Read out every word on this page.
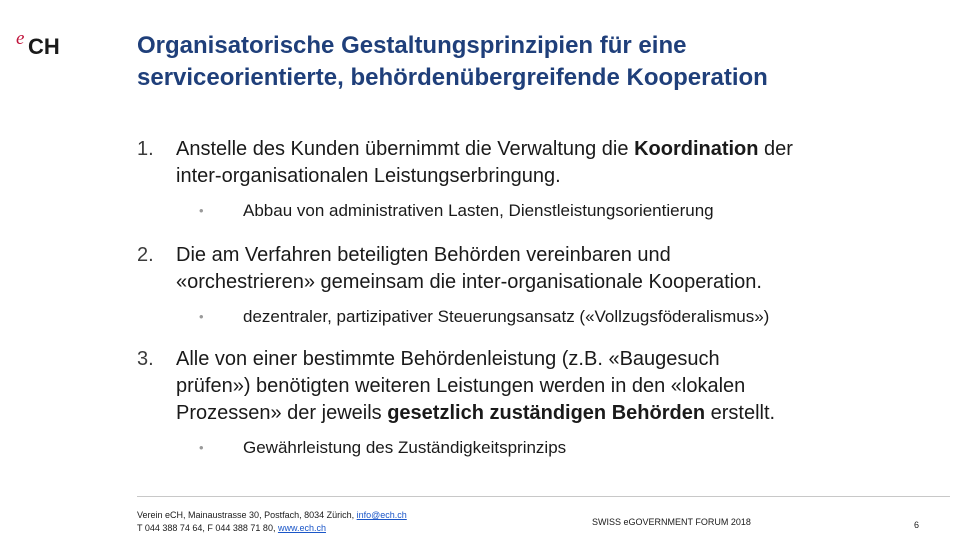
e CH	Organisatorische Gestaltungsprinzipien für eine
serviceorientierte, behördenübergreifende Kooperation
1. Anstelle des Kunden übernimmt die Verwaltung die Koordination der
inter-organisationalen Leistungserbringung.
• Abbau von administrativen Lasten, Dienstleistungsorientierung
2. Die am Verfahren beteiligten Behörden vereinbaren und
«orchestrieren» gemeinsam die inter-organisationale Kooperation.
• dezentraler, partizipativer Steuerungsansatz («Vollzugsföderalismus»)
3. Alle von einer bestimmte Behördenleistung (z.B. «Baugesuch
prüfen») benötigten weiteren Leistungen werden in den «lokalen
Prozessen» der jeweils gesetzlich zuständigen Behörden erstellt.
• Gewährleistung des Zuständigkeitsprinzips
Verein eCH, Mainaustrasse 30, Postfach, 8034 Zürich, info@ech.ch
T 044 388 74 64, F 044 388 71 80, www.ech.ch
SWISS eGOVERNMENT FORUM 2018	6
